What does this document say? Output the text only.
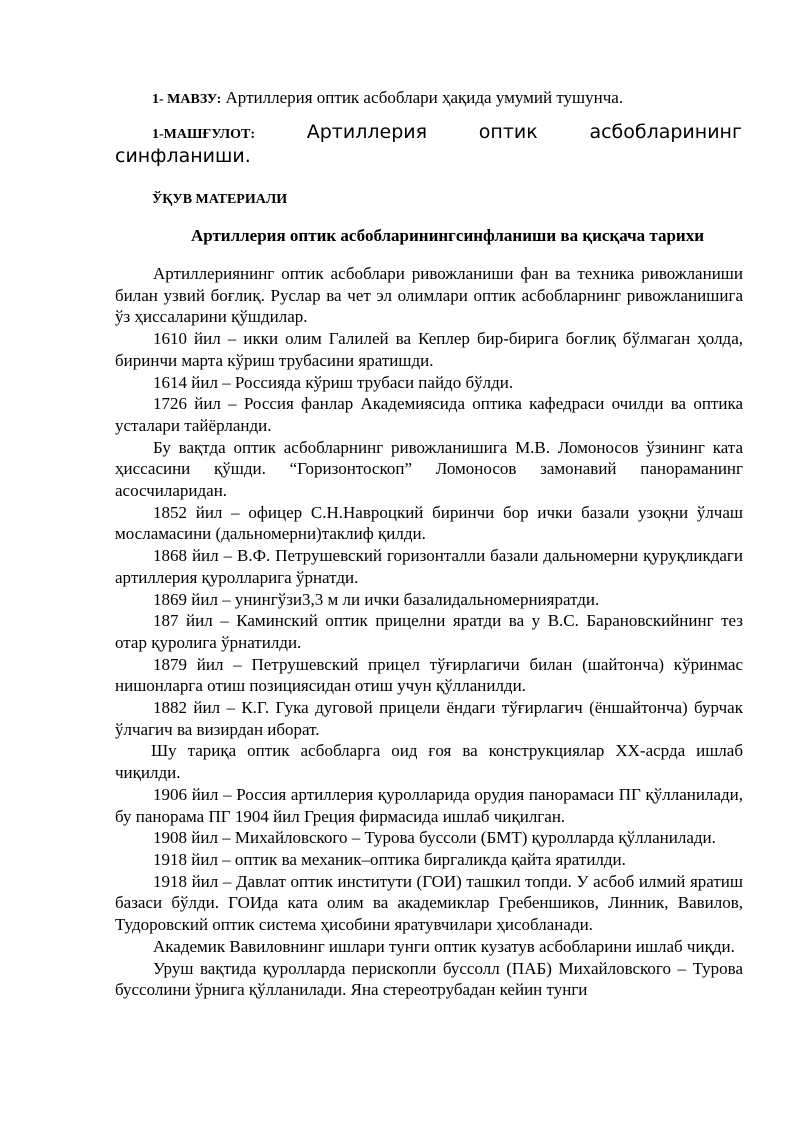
1- МАВЗУ: Артиллерия оптик асбоблари ҳақида умумий тушунча.
1-МАШҒУЛОТ:	Артиллерия	оптик	асбобларининг
синфланиши.
ЎҚУВ МАТЕРИАЛИ
Артиллерия оптик асбобларинингсинфланиши ва қисқача тарихи

Артиллериянинг оптик асбоблари ривожланиши фан ва техника ривожланиши билан узвий боғлиқ. Руслар ва чет эл олимлари оптик асбобларнинг ривожланишига ўз ҳиссаларини қўшдилар.

1610 йил – икки олим Галилей ва Кеплер бир-бирига боғлиқ бўлмаган ҳолда, биринчи марта кўриш трубасини яратишди.

1614 йил – Россияда кўриш трубаси пайдо бўлди.

1726 йил – Россия фанлар Академиясида оптика кафедраси очилди ва оптика усталари тайёрланди.

Бу вақтда оптик асбобларнинг ривожланишига М.В. Ломоносов ўзининг ката ҳиссасини қўшди. “Горизонтоскоп” Ломоносов замонавий панораманинг асосчиларидан.

1852 йил – офицер С.Н.Навроцкий биринчи бор ички базали узоқни ўлчаш мосламасини (дальномерни)таклиф қилди.

1868 йил – В.Ф. Петрушевский горизонталли базали дальномерни қуруқликдаги артиллерия қуролларига ўрнатди.

1869 йил – унингўзи3,3 м ли ички базалидальномернияратди.

187 йил – Каминский оптик прицелни яратди ва у В.С. Барановскийнинг тез отар қуролига ўрнатилди.

1879 йил – Петрушевский прицел тўғирлагичи билан (шайтонча) кўринмас нишонларга отиш позициясидан отиш учун қўлланилди.

1882 йил – К.Г. Гука дуговой прицели ёндаги тўғирлагич (ёншайтонча) бурчак ўлчагич ва визирдан иборат.

Шу тариқа оптик асбобларга оид ғоя ва конструкциялар XX-асрда ишлаб чиқилди.

1906 йил – Россия артиллерия қуролларида орудия панорамаси ПГ қўлланилади, бу панорама ПГ 1904 йил Греция фирмасида ишлаб чиқилган.

1908 йил – Михайловского – Турова буссоли (БМТ) қуролларда қўлланилади.

1918 йил – оптик ва механик–оптика биргаликда қайта яратилди.

1918 йил – Давлат оптик институти (ГОИ) ташкил топди. У асбоб илмий яратиш базаси бўлди. ГОИда ката олим ва академиклар Гребеншиков, Линник, Вавилов, Тудоровский оптик система ҳисобини яратувчилари ҳисобланади.

Академик Вавиловнинг ишлари тунги оптик кузатув асбобларини ишлаб чиқди.

Уруш вақтида қуролларда перископли буссолл (ПАБ) Михайловского – Турова буссолини ўрнига қўлланилади. Яна стереотрубадан кейин тунги
